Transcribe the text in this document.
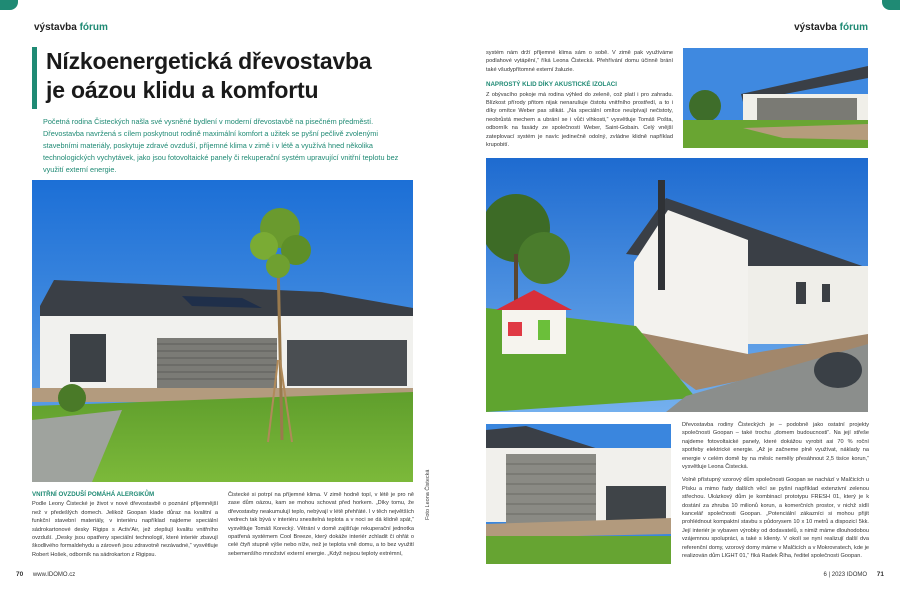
výstavba fórum	výstavba fórum
Nízkoenergetická dřevostavba
je oázou klidu a komfortu
Početná rodina Čisteckých našla své vysněné bydlení v moderní dřevostavbě na pisečném předměstí. Dřevostavba navržená s cílem poskytnout rodině maximální komfort a užitek se pyšní pečlivě zvolenými stavebními materiály, poskytuje zdravé ovzduší, příjemné klima v zimě i v létě a využívá hned několika technologických vychytávek, jako jsou fotovoltaické panely či rekuperační systém upravující vnitřní teplotu bez využití externí energie.
VNITŘNÍ OVZDUŠÍ POMÁHÁ ALERGIKŮM
Podle Leony Čistecké je život v nové dřevostavbě o poznání příjemnější než v předešlých domech. Jelikož Goopan klade důraz na kvalitní a funkční stavební materiály, v interiéru například najdeme speciální sádrokartonové desky Rigips s Activ'Air, jež zlepšují kvalitu vnitřního ovzduší. „Desky jsou opatřeny speciální technologií, které interiér zbavují škodlivého formaldehydu a zároveň jsou zdravotně nezávadné,“ vysvětluje Robert Hošek, odborník na sádrokarton z Rigipsu.
Čistecké si potrpí na příjemné klima. V zimě hodně topí, v létě je pro ně zase dům oázou, kam se mohou schovat před horkem. „Díky tomu, že dřevostavby neakumulují teplo, nebývají v létě přehřáté. I v těch největších vedrech tak bývá v interiéru snesitelná teplota a v noci se dá klidně spát,“ vysvětluje Tomáš Korecký. Větrání v domě zajišťuje rekuperační jednotka opatřená systémem Cool Breeze, který dokáže interiér zchladit či ohřát o celé čtyři stupně výše nebo níže, než je teplota vně domu, a to bez využití sebemenšího množství externí energie. „Když nejsou teploty extrémní,
Foto Leona Čistecká
systém nám drží příjemné klima sám o sobě. V zimě pak využíváme podlahové vytápění,“ říká Leona Čistecká. Přehřívání domu účinně brání také všudypřítomné externí žaluzie.
NAPROSTÝ KLID DÍKY AKUSTICKÉ IZOLACI
Z obývacího pokoje má rodina výhled do zeleně, což platí i pro zahradu. Blízkost přírody přitom nijak nenarušuje čistotu vnitřního prostředí, a to i díky omítce Weber pas silikát. „Na speciální omítce neulpívají nečistoty, neobrůstá mechem a ubrání se i vůči vlhkosti,“ vysvětluje Tomáš Pošta, odborník na fasády ze společnosti Weber, Saint-Gobain. Celý vnější zateplovací systém je navíc jedinečně odolný, zvládne klidně například krupobití.
Dřevostavba rodiny Čisteckých je – podobně jako ostatní projekty společnosti Goopan – také trochu „domem budoucnosti“. Na její střeše najdeme fotovoltaické panely, které dokážou vyrobit asi 70 % roční spotřeby elektrické energie. „Až je začneme plně využívat, náklady na energie v celém domě by na měsíc neměly přesáhnout 2,5 tisíce korun,“ vysvětluje Leona Čistecká.
Volně přístupný vzorový dům společnosti Goopan se nachází v Malčicích u Písku a mimo řady dalších věcí se pyšní například extenzivní zelenou střechou. Ukázkový dům je kombinací prototypu FRESH 01, který je k dostání za zhruba 10 milionů korun, a komerčních prostor, v nichž sídlí kancelář společnosti Goopan. „Potenciální zákazníci si mohou přijít prohlédnout kompaktní stavbu s půdorysem 10 x 10 metrů a dispozicí 5kk. Její interiér je vybaven výrobky od dodavatelů, s nimiž máme dlouhodobou vzájemnou spolupráci, a také s klienty. V okolí se nyní realizují další dva referenční domy, vzorový domy máme v Malčicích a v Mokrovratech, kde je realizován dům LIGHT 01,“ říká Radek Říha, ředitel společnosti Goopan.
70 www.IDOMO.cz	6 | 2023 IDOMO 71
